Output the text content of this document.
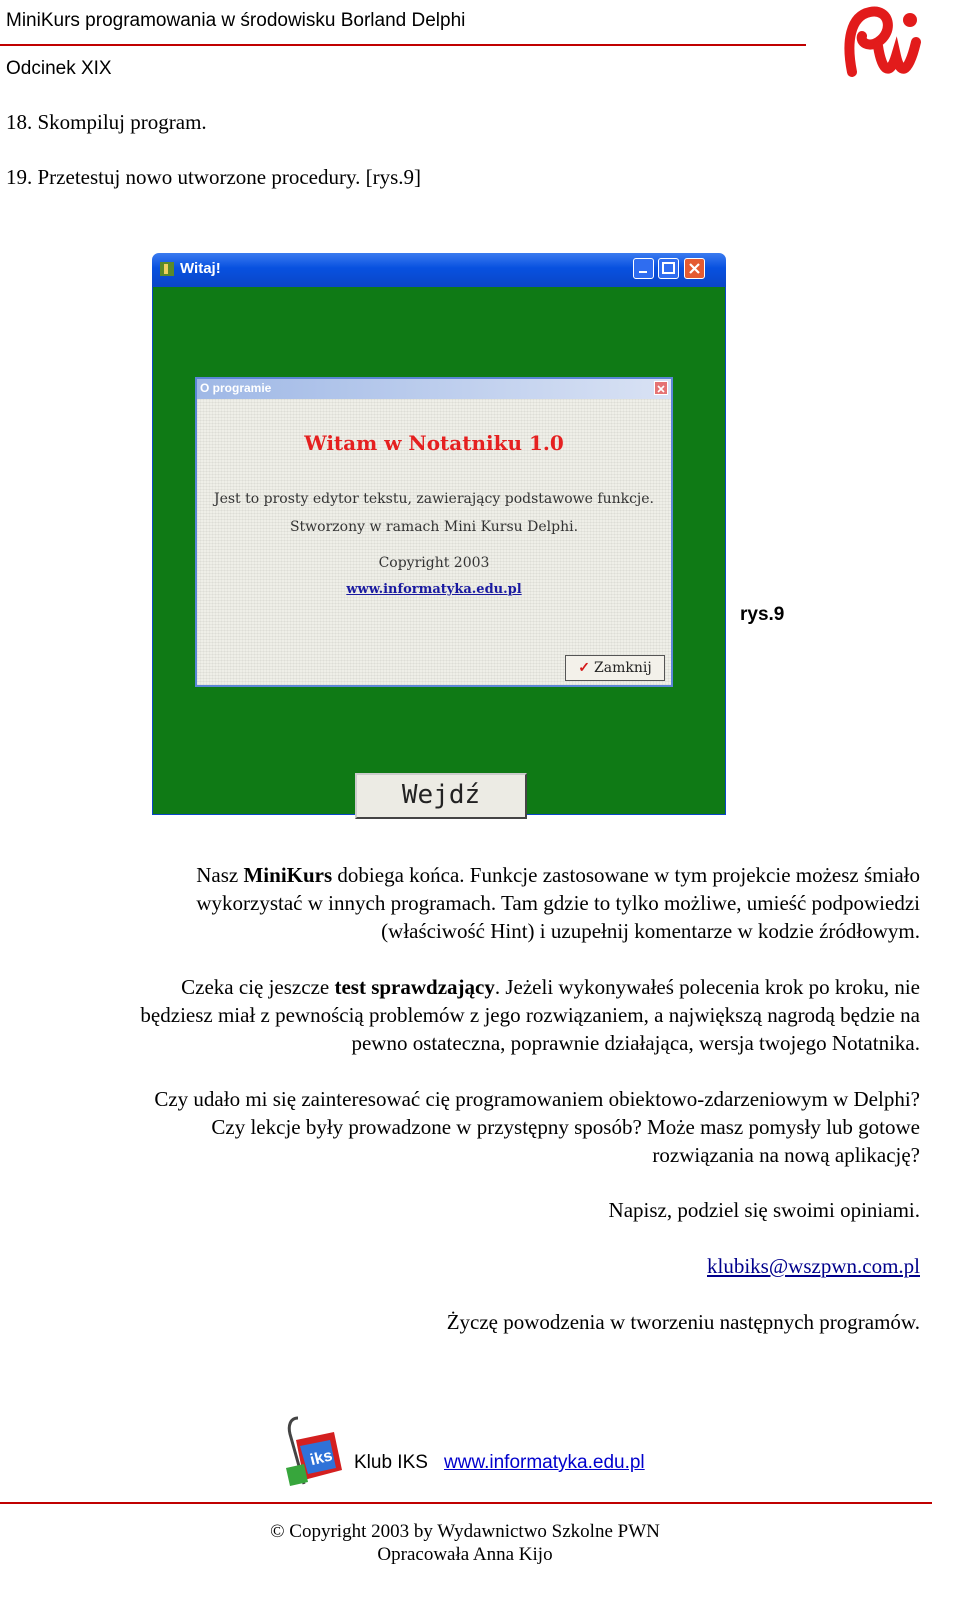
MiniKurs programowania w środowisku Borland Delphi
Odcinek XIX
18. Skompiluj program.
19. Przetestuj nowo utworzone procedury. [rys.9]
Witaj!
O programie
Witam w Notatniku 1.0
Jest to prosty edytor tekstu, zawierający podstawowe funkcje.
Stworzony w ramach Mini Kursu Delphi.
Copyright 2003
www.informatyka.edu.pl
✓ Zamknij
Wejdź
rys.9
Nasz MiniKurs dobiega końca. Funkcje zastosowane w tym projekcie możesz śmiało
wykorzystać w innych programach. Tam gdzie to tylko możliwe, umieść podpowiedzi
(właściwość Hint) i uzupełnij komentarze w kodzie źródłowym.
Czeka cię jeszcze test sprawdzający. Jeżeli wykonywałeś polecenia krok po kroku, nie
będziesz miał z pewnością problemów z jego rozwiązaniem, a największą nagrodą będzie na
pewno ostateczna, poprawnie działająca, wersja twojego Notatnika.
Czy udało mi się zainteresować cię programowaniem obiektowo-zdarzeniowym w Delphi?
Czy lekcje były prowadzone w przystępny sposób? Może masz pomysły lub gotowe
rozwiązania na nową aplikację?
Napisz, podziel się swoimi opiniami.
klubiks@wszpwn.com.pl
Życzę powodzenia w tworzeniu następnych programów.
iks Klub IKS www.informatyka.edu.pl
© Copyright 2003 by Wydawnictwo Szkolne PWN
Opracowała Anna Kijo
